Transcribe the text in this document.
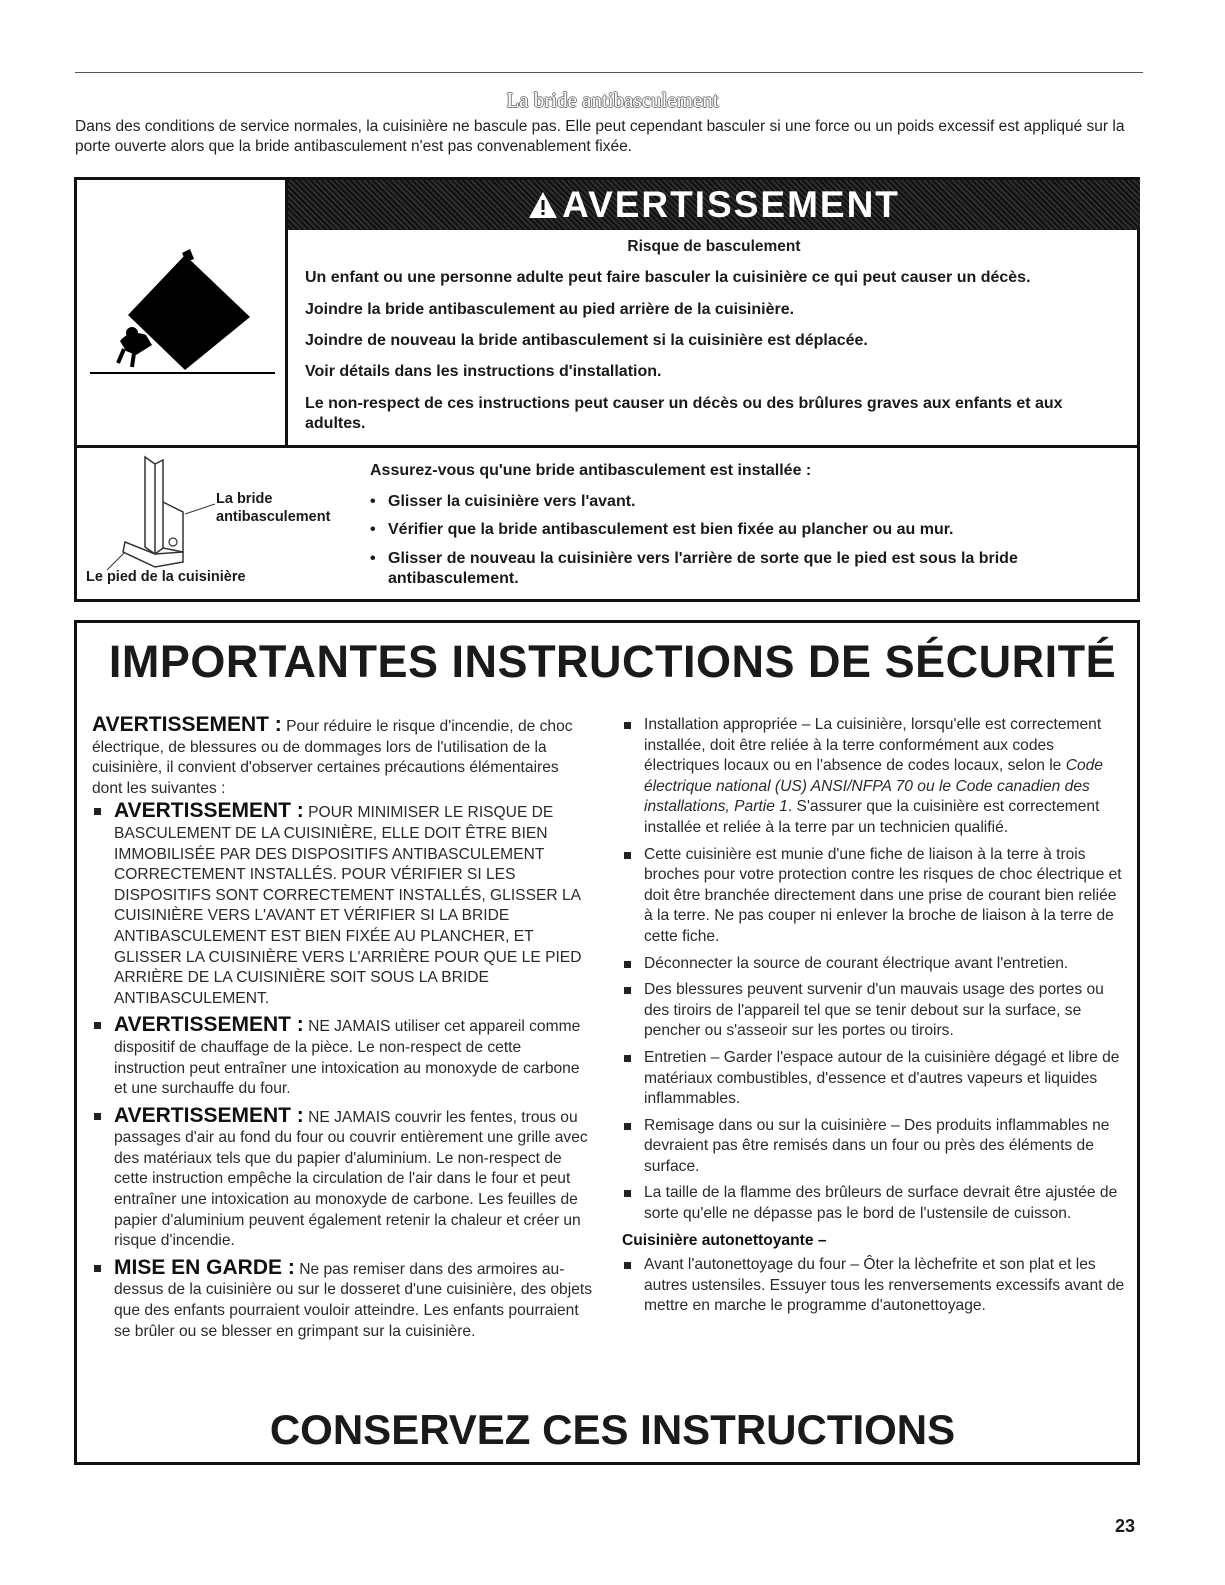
La bride antibasculement
Dans des conditions de service normales, la cuisinière ne bascule pas. Elle peut cependant basculer si une force ou un poids excessif est appliqué sur la porte ouverte alors que la bride antibasculement n'est pas convenablement fixée.
AVERTISSEMENT
Risque de basculement
Un enfant ou une personne adulte peut faire basculer la cuisinière ce qui peut causer un décès.
Joindre la bride antibasculement au pied arrière de la cuisinière.
Joindre de nouveau la bride antibasculement si la cuisinière est déplacée.
Voir détails dans les instructions d'installation.
Le non-respect de ces instructions peut causer un décès ou des brûlures graves aux enfants et aux adultes.
La bride
antibasculement
Le pied de la cuisinière
Assurez-vous qu'une bride antibasculement est installée :
• Glisser la cuisinière vers l'avant.
• Vérifier que la bride antibasculement est bien fixée au plancher ou au mur.
• Glisser de nouveau la cuisinière vers l'arrière de sorte que le pied est sous la bride antibasculement.
IMPORTANTES INSTRUCTIONS DE SÉCURITÉ

AVERTISSEMENT : Pour réduire le risque d'incendie, de choc électrique, de blessures ou de dommages lors de l'utilisation de la cuisinière, il convient d'observer certaines précautions élémentaires dont les suivantes :

AVERTISSEMENT : POUR MINIMISER LE RISQUE DE BASCULEMENT DE LA CUISINIÈRE, ELLE DOIT ÊTRE BIEN IMMOBILISÉE PAR DES DISPOSITIFS ANTIBASCULEMENT CORRECTEMENT INSTALLÉS. POUR VÉRIFIER SI LES DISPOSITIFS SONT CORRECTEMENT INSTALLÉS, GLISSER LA CUISINIÈRE VERS L'AVANT ET VÉRIFIER SI LA BRIDE ANTIBASCULEMENT EST BIEN FIXÉE AU PLANCHER, ET GLISSER LA CUISINIÈRE VERS L'ARRIÈRE POUR QUE LE PIED ARRIÈRE DE LA CUISINIÈRE SOIT SOUS LA BRIDE ANTIBASCULEMENT.
AVERTISSEMENT : NE JAMAIS utiliser cet appareil comme dispositif de chauffage de la pièce. Le non-respect de cette instruction peut entraîner une intoxication au monoxyde de carbone et une surchauffe du four.
AVERTISSEMENT : NE JAMAIS couvrir les fentes, trous ou passages d'air au fond du four ou couvrir entièrement une grille avec des matériaux tels que du papier d'aluminium. Le non-respect de cette instruction empêche la circulation de l'air dans le four et peut entraîner une intoxication au monoxyde de carbone. Les feuilles de papier d'aluminium peuvent également retenir la chaleur et créer un risque d'incendie.
MISE EN GARDE : Ne pas remiser dans des armoires au-dessus de la cuisinière ou sur le dosseret d'une cuisinière, des objets que des enfants pourraient vouloir atteindre. Les enfants pourraient se brûler ou se blesser en grimpant sur la cuisinière.
Installation appropriée – La cuisinière, lorsqu'elle est correctement installée, doit être reliée à la terre conformément aux codes électriques locaux ou en l'absence de codes locaux, selon le Code électrique national (US) ANSI/NFPA 70 ou le Code canadien des installations, Partie 1. S'assurer que la cuisinière est correctement installée et reliée à la terre par un technicien qualifié.
Cette cuisinière est munie d'une fiche de liaison à la terre à trois broches pour votre protection contre les risques de choc électrique et doit être branchée directement dans une prise de courant bien reliée à la terre. Ne pas couper ni enlever la broche de liaison à la terre de cette fiche.
Déconnecter la source de courant électrique avant l'entretien.
Des blessures peuvent survenir d'un mauvais usage des portes ou des tiroirs de l'appareil tel que se tenir debout sur la surface, se pencher ou s'asseoir sur les portes ou tiroirs.
Entretien – Garder l'espace autour de la cuisinière dégagé et libre de matériaux combustibles, d'essence et d'autres vapeurs et liquides inflammables.
Remisage dans ou sur la cuisinière – Des produits inflammables ne devraient pas être remisés dans un four ou près des éléments de surface.
La taille de la flamme des brûleurs de surface devrait être ajustée de sorte qu'elle ne dépasse pas le bord de l'ustensile de cuisson.
Cuisinière autonettoyante –
Avant l'autonettoyage du four – Ôter la lèchefrite et son plat et les autres ustensiles. Essuyer tous les renversements excessifs avant de mettre en marche le programme d'autonettoyage.
CONSERVEZ CES INSTRUCTIONS
23
